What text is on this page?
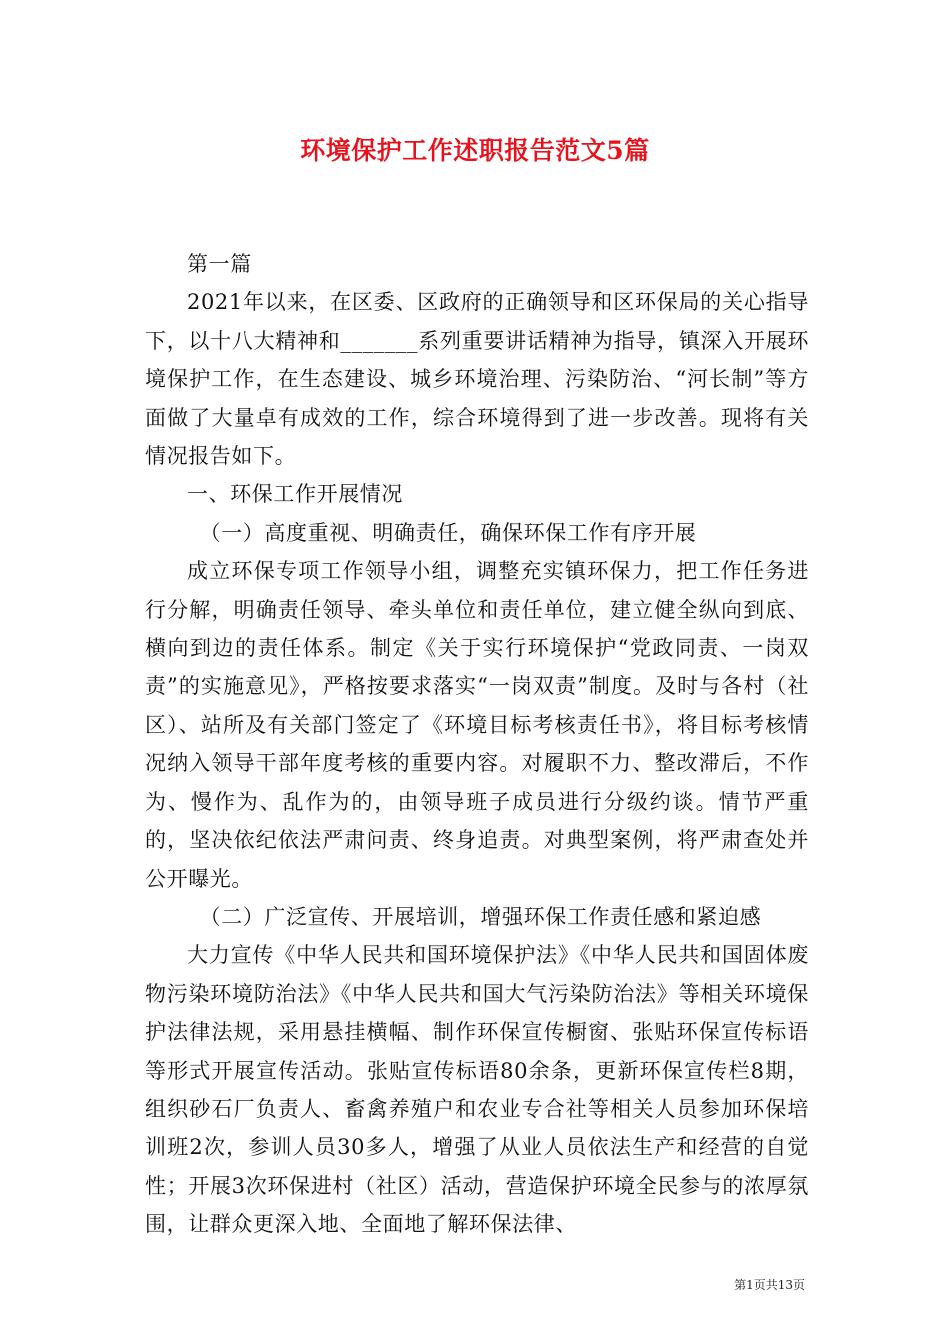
环境保护工作述职报告范文5篇

第一篇

2021年以来，在区委、区政府的正确领导和区环保局的关心指导下，以十八大精神和_______系列重要讲话精神为指导，镇深入开展环境保护工作，在生态建设、城乡环境治理、污染防治、“河长制”等方面做了大量卓有成效的工作，综合环境得到了进一步改善。现将有关情况报告如下。

一、环保工作开展情况

（一）高度重视、明确责任，确保环保工作有序开展

成立环保专项工作领导小组，调整充实镇环保力，把工作任务进行分解，明确责任领导、牵头单位和责任单位，建立健全纵向到底、横向到边的责任体系。制定《关于实行环境保护“党政同责、一岗双责”的实施意见》，严格按要求落实“一岗双责”制度。及时与各村（社区）、站所及有关部门签定了《环境目标考核责任书》，将目标考核情况纳入领导干部年度考核的重要内容。对履职不力、整改滞后，不作为、慢作为、乱作为的，由领导班子成员进行分级约谈。情节严重的，坚决依纪依法严肃问责、终身追责。对典型案例，将严肃查处并公开曝光。

（二）广泛宣传、开展培训，增强环保工作责任感和紧迫感

大力宣传《中华人民共和国环境保护法》《中华人民共和国固体废物污染环境防治法》《中华人民共和国大气污染防治法》等相关环境保护法律法规，采用悬挂横幅、制作环保宣传橱窗、张贴环保宣传标语等形式开展宣传活动。张贴宣传标语80余条，更新环保宣传栏8期，组织砂石厂负责人、畜禽养殖户和农业专合社等相关人员参加环保培训班2次，参训人员30多人，增强了从业人员依法生产和经营的自觉性；开展3次环保进村（社区）活动，营造保护环境全民参与的浓厚氛围，让群众更深入地、全面地了解环保法律、

第1页共13页
